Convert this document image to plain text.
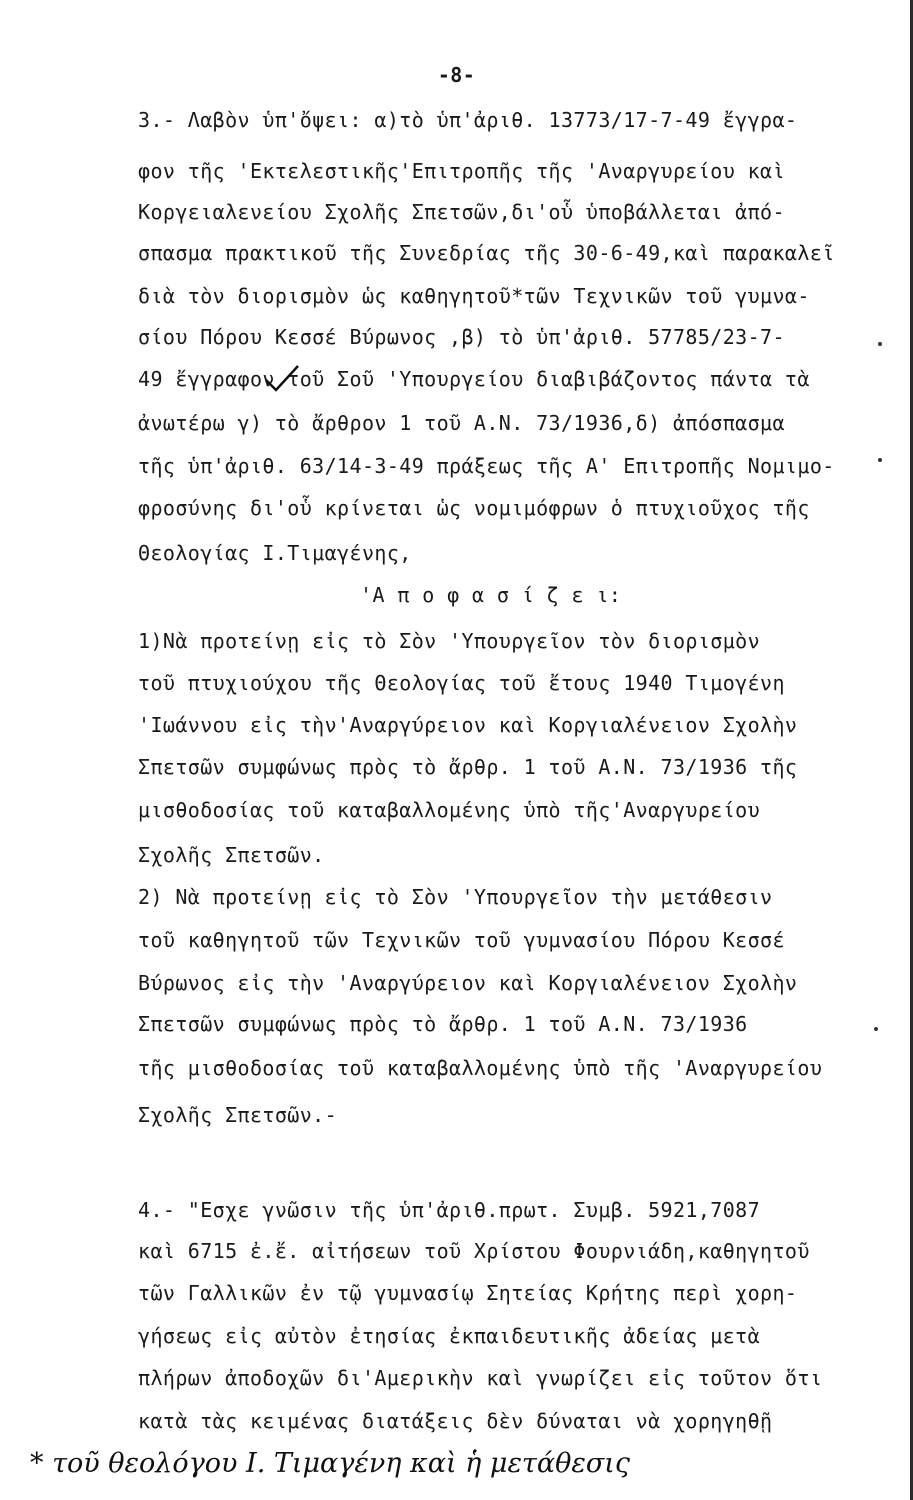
-8-
3.- Λαβὸν ὑπ'ὄψει: α)τὸ ὑπ'ἀριθ. 13773/17-7-49 ἔγγρα-
φον τῆς 'Εκτελεστικῆς'Επιτροπῆς τῆς 'Αναργυρείου καὶ
Κοργειαλενείου Σχολῆς Σπετσῶν,δι'οὗ ὑποβάλλεται ἀπό-
σπασμα πρακτικοῦ τῆς Συνεδρίας τῆς 30-6-49,καὶ παρακαλεῖ
διὰ τὸν διορισμὸν ὡς καθηγητοῦ*τῶν Τεχνικῶν τοῦ γυμνα-
σίου Πόρου Κεσσέ Βύρωνος ,β) τὸ ὑπ'ἀριθ. 57785/23-7-
49 ἔγγραφον τοῦ Σοῦ 'Υπουργείου διαβιβάζοντος πάντα τὰ
ἀνωτέρω γ) τὸ ἄρθρον 1 τοῦ Α.Ν. 73/1936,δ) ἀπόσπασμα
τῆς ὑπ'ἀριθ. 63/14-3-49 πράξεως τῆς Α' Επιτροπῆς Νομιμο-
φροσύνης δι'οὗ κρίνεται ὡς νομιμόφρων ὁ πτυχιοῦχος τῆς
Θεολογίας Ι.Τιμαγένης,
'Α π ο φ α σ ί ζ ε ι:
1)Νὰ προτείνῃ εἰς τὸ Σὸν 'Υπουργεῖον τὸν διορισμὸν
τοῦ πτυχιούχου τῆς Θεολογίας τοῦ ἔτους 1940 Τιμογένη
'Ιωάννου εἰς τὴν'Αναργύρειον καὶ Κοργιαλένειον Σχολὴν
Σπετσῶν συμφώνως πρὸς τὸ ἄρθρ. 1 τοῦ Α.Ν. 73/1936 τῆς
μισθοδοσίας τοῦ καταβαλλομένης ὑπὸ τῆς'Αναργυρείου
Σχολῆς Σπετσῶν.
2) Νὰ προτείνῃ εἰς τὸ Σὸν 'Υπουργεῖον τὴν μετάθεσιν
τοῦ καθηγητοῦ τῶν Τεχνικῶν τοῦ γυμνασίου Πόρου Κεσσέ
Βύρωνος εἰς τὴν 'Αναργύρειον καὶ Κοργιαλένειον Σχολὴν
Σπετσῶν συμφώνως πρὸς τὸ ἄρθρ. 1 τοῦ Α.Ν. 73/1936
τῆς μισθοδοσίας τοῦ καταβαλλομένης ὑπὸ τῆς 'Αναργυρείου
Σχολῆς Σπετσῶν.-
4.- "Εσχε γνῶσιν τῆς ὑπ'ἀριθ.πρωτ. Συμβ. 5921,7087
καὶ 6715 ἐ.ἔ. αἰτήσεων τοῦ Χρίστου Φουρνιάδη,καθηγητοῦ
τῶν Γαλλικῶν ἐν τῷ γυμνασίῳ Σητείας Κρήτης περὶ χορη-
γήσεως εἰς αὐτὸν ἐτησίας ἐκπαιδευτικῆς ἀδείας μετὰ
πλήρων ἀποδοχῶν δι'Αμερικὴν καὶ γνωρίζει εἰς τοῦτον ὅτι
κατὰ τὰς κειμένας διατάξεις δὲν δύναται νὰ χορηγηθῇ
* τοῦ θεολόγου Ι. Τιμαγένη καὶ ἡ μετάθεσις
